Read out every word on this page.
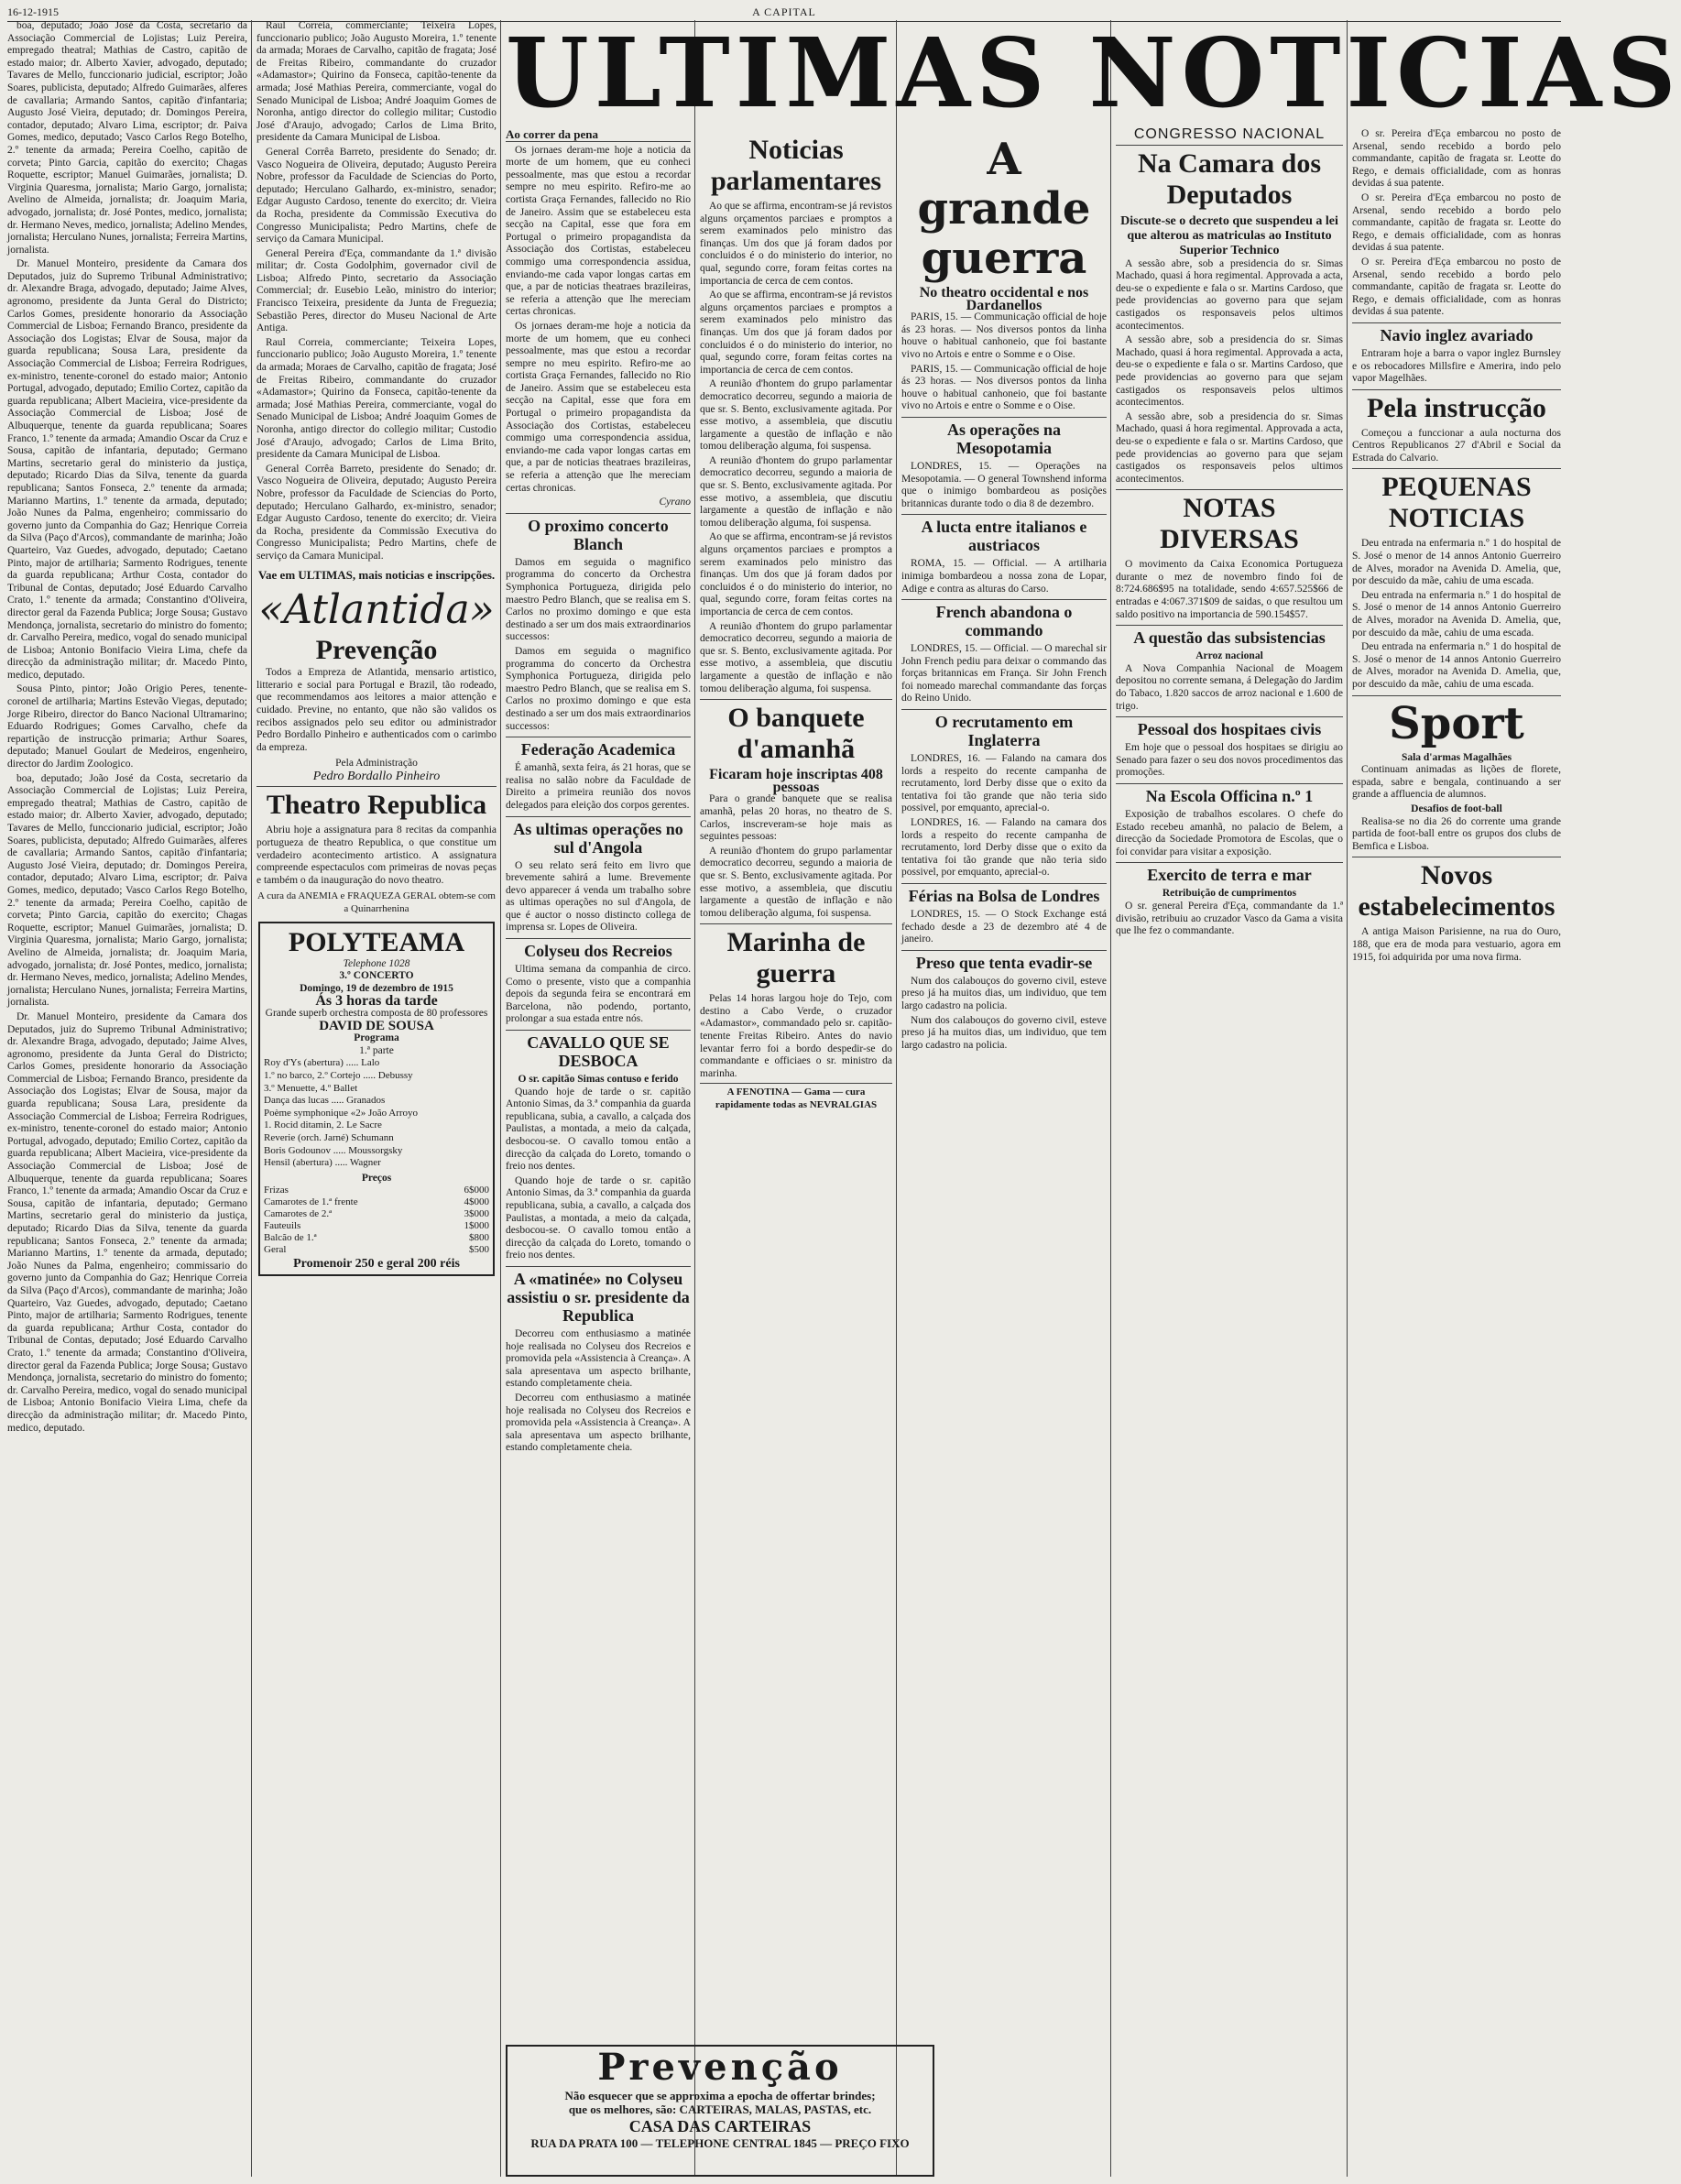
16-12-1915	A CAPITAL

boa, deputado; João José da Costa, secretario da Associação Commercial de Lojistas; Luiz Pereira, empregado theatral; Mathias de Castro, capitão de estado maior; dr. Alberto Xavier, advogado, deputado; Tavares de Mello, funccionario judicial, escriptor; João Soares, publicista, deputado; Alfredo Guimarães, alferes de cavallaria; Armando Santos, capitão d'infantaria; Augusto José Vieira, deputado; dr. Domingos Pereira, contador, deputado; Alvaro Lima, escriptor; dr. Paiva Gomes, medico, deputado; Vasco Carlos Rego Botelho, 2.º tenente da armada; Pereira Coelho, capitão de corveta; Pinto Garcia, capitão do exercito; Chagas Roquette, escriptor; Manuel Guimarães, jornalista; D. Virginia Quaresma, jornalista; Mario Gargo, jornalista; Avelino de Almeida, jornalista; dr. Joaquim Maria, advogado, jornalista; dr. José Pontes, medico, jornalista; dr. Hermano Neves, medico, jornalista; Adelino Mendes, jornalista; Herculano Nunes, jornalista; Ferreira Martins, jornalista.

Dr. Manuel Monteiro, presidente da Camara dos Deputados, juiz do Supremo Tribunal Administrativo; dr. Alexandre Braga, advogado, deputado; Jaime Alves, agronomo, presidente da Junta Geral do Districto; Carlos Gomes, presidente honorario da Associação Commercial de Lisboa; Fernando Branco, presidente da Associação dos Logistas; Elvar de Sousa, major da guarda republicana; Sousa Lara, presidente da Associação Commercial de Lisboa; Ferreira Rodrigues, ex-ministro, tenente-coronel do estado maior; Antonio Portugal, advogado, deputado; Emilio Cortez, capitão da guarda republicana; Albert Macieira, vice-presidente da Associação Commercial de Lisboa; José de Albuquerque, tenente da guarda republicana; Soares Franco, 1.º tenente da armada; Amandio Oscar da Cruz e Sousa, capitão de infantaria, deputado; Germano Martins, secretario geral do ministerio da justiça, deputado; Ricardo Dias da Silva, tenente da guarda republicana; Santos Fonseca, 2.º tenente da armada; Marianno Martins, 1.º tenente da armada, deputado; João Nunes da Palma, engenheiro; commissario do governo junto da Companhia do Gaz; Henrique Correia da Silva (Paço d'Arcos), commandante de marinha; João Quarteiro, Vaz Guedes, advogado, deputado; Caetano Pinto, major de artilharia; Sarmento Rodrigues, tenente da guarda republicana; Arthur Costa, contador do Tribunal de Contas, deputado; José Eduardo Carvalho Crato, 1.º tenente da armada; Constantino d'Oliveira, director geral da Fazenda Publica; Jorge Sousa; Gustavo Mendonça, jornalista, secretario do ministro do fomento; dr. Carvalho Pereira, medico, vogal do senado municipal de Lisboa; Antonio Bonifacio Vieira Lima, chefe da direcção da administração militar; dr. Macedo Pinto, medico, deputado.

Sousa Pinto, pintor; João Origio Peres, tenente-coronel de artilharia; Martins Estevão Viegas, deputado; Jorge Ribeiro, director do Banco Nacional Ultramarino; Eduardo Rodrigues; Gomes Carvalho, chefe da repartição de instrucção primaria; Arthur Soares, deputado; Manuel Goulart de Medeiros, engenheiro, director do Jardim Zoologico.

boa, deputado; João José da Costa, secretario da Associação Commercial de Lojistas; Luiz Pereira, empregado theatral; Mathias de Castro, capitão de estado maior; dr. Alberto Xavier, advogado, deputado; Tavares de Mello, funccionario judicial, escriptor; João Soares, publicista, deputado; Alfredo Guimarães, alferes de cavallaria; Armando Santos, capitão d'infantaria; Augusto José Vieira, deputado; dr. Domingos Pereira, contador, deputado; Alvaro Lima, escriptor; dr. Paiva Gomes, medico, deputado; Vasco Carlos Rego Botelho, 2.º tenente da armada; Pereira Coelho, capitão de corveta; Pinto Garcia, capitão do exercito; Chagas Roquette, escriptor; Manuel Guimarães, jornalista; D. Virginia Quaresma, jornalista; Mario Gargo, jornalista; Avelino de Almeida, jornalista; dr. Joaquim Maria, advogado, jornalista; dr. José Pontes, medico, jornalista; dr. Hermano Neves, medico, jornalista; Adelino Mendes, jornalista; Herculano Nunes, jornalista; Ferreira Martins, jornalista.

Dr. Manuel Monteiro, presidente da Camara dos Deputados, juiz do Supremo Tribunal Administrativo; dr. Alexandre Braga, advogado, deputado; Jaime Alves, agronomo, presidente da Junta Geral do Districto; Carlos Gomes, presidente honorario da Associação Commercial de Lisboa; Fernando Branco, presidente da Associação dos Logistas; Elvar de Sousa, major da guarda republicana; Sousa Lara, presidente da Associação Commercial de Lisboa; Ferreira Rodrigues, ex-ministro, tenente-coronel do estado maior; Antonio Portugal, advogado, deputado; Emilio Cortez, capitão da guarda republicana; Albert Macieira, vice-presidente da Associação Commercial de Lisboa; José de Albuquerque, tenente da guarda republicana; Soares Franco, 1.º tenente da armada; Amandio Oscar da Cruz e Sousa, capitão de infantaria, deputado; Germano Martins, secretario geral do ministerio da justiça, deputado; Ricardo Dias da Silva, tenente da guarda republicana; Santos Fonseca, 2.º tenente da armada; Marianno Martins, 1.º tenente da armada, deputado; João Nunes da Palma, engenheiro; commissario do governo junto da Companhia do Gaz; Henrique Correia da Silva (Paço d'Arcos), commandante de marinha; João Quarteiro, Vaz Guedes, advogado, deputado; Caetano Pinto, major de artilharia; Sarmento Rodrigues, tenente da guarda republicana; Arthur Costa, contador do Tribunal de Contas, deputado; José Eduardo Carvalho Crato, 1.º tenente da armada; Constantino d'Oliveira, director geral da Fazenda Publica; Jorge Sousa; Gustavo Mendonça, jornalista, secretario do ministro do fomento; dr. Carvalho Pereira, medico, vogal do senado municipal de Lisboa; Antonio Bonifacio Vieira Lima, chefe da direcção da administração militar; dr. Macedo Pinto, medico, deputado.

Raul Correia, commerciante; Teixeira Lopes, funccionario publico; João Augusto Moreira, 1.º tenente da armada; Moraes de Carvalho, capitão de fragata; José de Freitas Ribeiro, commandante do cruzador «Adamastor»; Quirino da Fonseca, capitão-tenente da armada; José Mathias Pereira, commerciante, vogal do Senado Municipal de Lisboa; André Joaquim Gomes de Noronha, antigo director do collegio militar; Custodio José d'Araujo, advogado; Carlos de Lima Brito, presidente da Camara Municipal de Lisboa.

General Corrêa Barreto, presidente do Senado; dr. Vasco Nogueira de Oliveira, deputado; Augusto Pereira Nobre, professor da Faculdade de Sciencias do Porto, deputado; Herculano Galhardo, ex-ministro, senador; Edgar Augusto Cardoso, tenente do exercito; dr. Vieira da Rocha, presidente da Commissão Executiva do Congresso Municipalista; Pedro Martins, chefe de serviço da Camara Municipal.

General Pereira d'Eça, commandante da 1.ª divisão militar; dr. Costa Godolphim, governador civil de Lisboa; Alfredo Pinto, secretario da Associação Commercial; dr. Eusebio Leão, ministro do interior; Francisco Teixeira, presidente da Junta de Freguezia; Sebastião Peres, director do Museu Nacional de Arte Antiga.

Raul Correia, commerciante; Teixeira Lopes, funccionario publico; João Augusto Moreira, 1.º tenente da armada; Moraes de Carvalho, capitão de fragata; José de Freitas Ribeiro, commandante do cruzador «Adamastor»; Quirino da Fonseca, capitão-tenente da armada; José Mathias Pereira, commerciante, vogal do Senado Municipal de Lisboa; André Joaquim Gomes de Noronha, antigo director do collegio militar; Custodio José d'Araujo, advogado; Carlos de Lima Brito, presidente da Camara Municipal de Lisboa.

General Corrêa Barreto, presidente do Senado; dr. Vasco Nogueira de Oliveira, deputado; Augusto Pereira Nobre, professor da Faculdade de Sciencias do Porto, deputado; Herculano Galhardo, ex-ministro, senador; Edgar Augusto Cardoso, tenente do exercito; dr. Vieira da Rocha, presidente da Commissão Executiva do Congresso Municipalista; Pedro Martins, chefe de serviço da Camara Municipal.

Vae em ULTIMAS, mais noticias e inscripções.
«Atlantida»
Prevenção

Todos a Empreza de Atlantida, mensario artistico, litterario e social para Portugal e Brazil, tão rodeado, que recommendamos aos leitores a maior attenção e cuidado. Previne, no entanto, que não são validos os recibos assignados pelo seu editor ou administrador Pedro Bordallo Pinheiro e authenticados com o carimbo da empreza.

Pela Administração
Pedro Bordallo Pinheiro
Theatro Republica

Abriu hoje a assignatura para 8 recitas da companhia portugueza de theatro Republica, o que constitue um verdadeiro acontecimento artistico. A assignatura compreende espectaculos com primeiras de novas peças e também o da inauguração do novo theatro.

A cura da ANEMIA e FRAQUEZA GERAL obtem-se com a Quinarrhenina
POLYTEAMA
Telephone 1028
3.º CONCERTO
Domingo, 19 de dezembro de 1915
Ás 3 horas da tarde
Grande superb orchestra composta de 80 professores
DAVID DE SOUSA
Programa
1.ª parte
Roy d'Ys (abertura) ..... Lalo
1.º no barco, 2.º Cortejo ..... Debussy
3.º Menuette, 4.º Ballet
Dança das lucas ..... Granados
Poème symphonique «2» João Arroyo
1. Rocid ditamin, 2. Le Sacre
Reverie (orch. Jarné) Schumann
Boris Godounov ..... Moussorgsky
Hensil (abertura) ..... Wagner
Preços
Frizas	6$000
Camarotes de 1.ª frente	4$000
Camarotes de 2.ª	3$000
Fauteuils	1$000
Balcão de 1.ª	$800
Geral	$500
Promenoir 250 e geral 200 réis
ULTIMAS NOTICIAS
Ao correr da pena

Os jornaes deram-me hoje a noticia da morte de um homem, que eu conheci pessoalmente, mas que estou a recordar sempre no meu espirito. Refiro-me ao cortista Graça Fernandes, fallecido no Rio de Janeiro. Assim que se estabeleceu esta secção na Capital, esse que fora em Portugal o primeiro propagandista da Associação dos Cortistas, estabeleceu commigo uma correspondencia assidua, enviando-me cada vapor longas cartas em que, a par de noticias theatraes brazileiras, se referia a attenção que lhe mereciam certas chronicas.

Os jornaes deram-me hoje a noticia da morte de um homem, que eu conheci pessoalmente, mas que estou a recordar sempre no meu espirito. Refiro-me ao cortista Graça Fernandes, fallecido no Rio de Janeiro. Assim que se estabeleceu esta secção na Capital, esse que fora em Portugal o primeiro propagandista da Associação dos Cortistas, estabeleceu commigo uma correspondencia assidua, enviando-me cada vapor longas cartas em que, a par de noticias theatraes brazileiras, se referia a attenção que lhe mereciam certas chronicas.

Cyrano
O proximo concerto Blanch

Damos em seguida o magnifico programma do concerto da Orchestra Symphonica Portugueza, dirigida pelo maestro Pedro Blanch, que se realisa em S. Carlos no proximo domingo e que esta destinado a ser um dos mais extraordinarios successos:

Damos em seguida o magnifico programma do concerto da Orchestra Symphonica Portugueza, dirigida pelo maestro Pedro Blanch, que se realisa em S. Carlos no proximo domingo e que esta destinado a ser um dos mais extraordinarios successos:

Federação Academica

É amanhã, sexta feira, ás 21 horas, que se realisa no salão nobre da Faculdade de Direito a primeira reunião dos novos delegados para eleição dos corpos gerentes.

As ultimas operações no sul d'Angola

O seu relato será feito em livro que brevemente sahirá a lume. Brevemente devo apparecer á venda um trabalho sobre as ultimas operações no sul d'Angola, de que é auctor o nosso distincto collega de imprensa sr. Lopes de Oliveira.

Colyseu dos Recreios

Ultima semana da companhia de circo. Como o presente, visto que a companhia depois da segunda feira se encontrará em Barcelona, não podendo, portanto, prolongar a sua estada entre nós.

CAVALLO QUE SE DESBOCA
O sr. capitão Simas contuso e ferido

Quando hoje de tarde o sr. capitão Antonio Simas, da 3.ª companhia da guarda republicana, subia, a cavallo, a calçada dos Paulistas, a montada, a meio da calçada, desbocou-se. O cavallo tomou então a direcção da calçada do Loreto, tomando o freio nos dentes.

Quando hoje de tarde o sr. capitão Antonio Simas, da 3.ª companhia da guarda republicana, subia, a cavallo, a calçada dos Paulistas, a montada, a meio da calçada, desbocou-se. O cavallo tomou então a direcção da calçada do Loreto, tomando o freio nos dentes.

A «matinée» no Colyseu assistiu o sr. presidente da Republica

Decorreu com enthusiasmo a matinée hoje realisada no Colyseu dos Recreios e promovida pela «Assistencia à Creança». A sala apresentava um aspecto brilhante, estando completamente cheia.

Decorreu com enthusiasmo a matinée hoje realisada no Colyseu dos Recreios e promovida pela «Assistencia à Creança». A sala apresentava um aspecto brilhante, estando completamente cheia.

Noticias parlamentares

Ao que se affirma, encontram-se já revistos alguns orçamentos parciaes e promptos a serem examinados pelo ministro das finanças. Um dos que já foram dados por concluidos é o do ministerio do interior, no qual, segundo corre, foram feitas cortes na importancia de cerca de cem contos.

Ao que se affirma, encontram-se já revistos alguns orçamentos parciaes e promptos a serem examinados pelo ministro das finanças. Um dos que já foram dados por concluidos é o do ministerio do interior, no qual, segundo corre, foram feitas cortes na importancia de cerca de cem contos.

A reunião d'hontem do grupo parlamentar democratico decorreu, segundo a maioria de que sr. S. Bento, exclusivamente agitada. Por esse motivo, a assembleia, que discutiu largamente a questão de inflação e não tomou deliberação alguma, foi suspensa.

A reunião d'hontem do grupo parlamentar democratico decorreu, segundo a maioria de que sr. S. Bento, exclusivamente agitada. Por esse motivo, a assembleia, que discutiu largamente a questão de inflação e não tomou deliberação alguma, foi suspensa.

Ao que se affirma, encontram-se já revistos alguns orçamentos parciaes e promptos a serem examinados pelo ministro das finanças. Um dos que já foram dados por concluidos é o do ministerio do interior, no qual, segundo corre, foram feitas cortes na importancia de cerca de cem contos.

A reunião d'hontem do grupo parlamentar democratico decorreu, segundo a maioria de que sr. S. Bento, exclusivamente agitada. Por esse motivo, a assembleia, que discutiu largamente a questão de inflação e não tomou deliberação alguma, foi suspensa.

O banquete d'amanhã
Ficaram hoje inscriptas 408 pessoas

Para o grande banquete que se realisa amanhã, pelas 20 horas, no theatro de S. Carlos, inscreveram-se hoje mais as seguintes pessoas:

A reunião d'hontem do grupo parlamentar democratico decorreu, segundo a maioria de que sr. S. Bento, exclusivamente agitada. Por esse motivo, a assembleia, que discutiu largamente a questão de inflação e não tomou deliberação alguma, foi suspensa.

Marinha de guerra

Pelas 14 horas largou hoje do Tejo, com destino a Cabo Verde, o cruzador «Adamastor», commandado pelo sr. capitão-tenente Freitas Ribeiro. Antes do navio levantar ferro foi a bordo despedir-se do commandante e officiaes o sr. ministro da marinha.

A FENOTINA — Gama — cura rapidamente todas as NEVRALGIAS
A grande guerra
No theatro occidental e nos Dardanellos

PARIS, 15. — Communicação official de hoje ás 23 horas. — Nos diversos pontos da linha houve o habitual canhoneio, que foi bastante vivo no Artois e entre o Somme e o Oise.

PARIS, 15. — Communicação official de hoje ás 23 horas. — Nos diversos pontos da linha houve o habitual canhoneio, que foi bastante vivo no Artois e entre o Somme e o Oise.

As operações na Mesopotamia

LONDRES, 15. — Operações na Mesopotamia. — O general Townshend informa que o inimigo bombardeou as posições britannicas durante todo o dia 8 de dezembro.

A lucta entre italianos e austriacos

ROMA, 15. — Official. — A artilharia inimiga bombardeou a nossa zona de Lopar, Adige e contra as alturas do Carso.

French abandona o commando

LONDRES, 15. — Official. — O marechal sir John French pediu para deixar o commando das forças britannicas em França. Sir John French foi nomeado marechal commandante das forças do Reino Unido.

O recrutamento em Inglaterra

LONDRES, 16. — Falando na camara dos lords a respeito do recente campanha de recrutamento, lord Derby disse que o exito da tentativa foi tão grande que não teria sido possivel, por emquanto, aprecial-o.

LONDRES, 16. — Falando na camara dos lords a respeito do recente campanha de recrutamento, lord Derby disse que o exito da tentativa foi tão grande que não teria sido possivel, por emquanto, aprecial-o.

Férias na Bolsa de Londres

LONDRES, 15. — O Stock Exchange está fechado desde a 23 de dezembro até 4 de janeiro.

Preso que tenta evadir-se

Num dos calabouços do governo civil, esteve preso já ha muitos dias, um individuo, que tem largo cadastro na policia.

Num dos calabouços do governo civil, esteve preso já ha muitos dias, um individuo, que tem largo cadastro na policia.

CONGRESSO NACIONAL
Na Camara dos Deputados
Discute-se o decreto que suspendeu a lei que alterou as matriculas ao Instituto Superior Technico

A sessão abre, sob a presidencia do sr. Simas Machado, quasi á hora regimental. Approvada a acta, deu-se o expediente e fala o sr. Martins Cardoso, que pede providencias ao governo para que sejam castigados os responsaveis pelos ultimos acontecimentos.

A sessão abre, sob a presidencia do sr. Simas Machado, quasi á hora regimental. Approvada a acta, deu-se o expediente e fala o sr. Martins Cardoso, que pede providencias ao governo para que sejam castigados os responsaveis pelos ultimos acontecimentos.

A sessão abre, sob a presidencia do sr. Simas Machado, quasi á hora regimental. Approvada a acta, deu-se o expediente e fala o sr. Martins Cardoso, que pede providencias ao governo para que sejam castigados os responsaveis pelos ultimos acontecimentos.

NOTAS DIVERSAS

O movimento da Caixa Economica Portugueza durante o mez de novembro findo foi de 8:724.686$95 na totalidade, sendo 4:657.525$66 de entradas e 4:067.371$09 de saidas, o que resultou um saldo positivo na importancia de 590.154$57.

A questão das subsistencias
Arroz nacional

A Nova Companhia Nacional de Moagem depositou no corrente semana, á Delegação do Jardim do Tabaco, 1.820 saccos de arroz nacional e 1.600 de trigo.

Pessoal dos hospitaes civis

Em hoje que o pessoal dos hospitaes se dirigiu ao Senado para fazer o seu dos novos procedimentos das promoções.

Na Escola Officina n.º 1

Exposição de trabalhos escolares. O chefe do Estado recebeu amanhã, no palacio de Belem, a direcção da Sociedade Promotora de Escolas, que o foi convidar para visitar a exposição.

Exercito de terra e mar
Retribuição de cumprimentos

O sr. general Pereira d'Eça, commandante da 1.ª divisão, retribuiu ao cruzador Vasco da Gama a visita que lhe fez o commandante.

O sr. Pereira d'Eça embarcou no posto de Arsenal, sendo recebido a bordo pelo commandante, capitão de fragata sr. Leotte do Rego, e demais officialidade, com as honras devidas á sua patente.

O sr. Pereira d'Eça embarcou no posto de Arsenal, sendo recebido a bordo pelo commandante, capitão de fragata sr. Leotte do Rego, e demais officialidade, com as honras devidas á sua patente.

O sr. Pereira d'Eça embarcou no posto de Arsenal, sendo recebido a bordo pelo commandante, capitão de fragata sr. Leotte do Rego, e demais officialidade, com as honras devidas á sua patente.

Navio inglez avariado

Entraram hoje a barra o vapor inglez Burnsley e os rebocadores Millsfire e Amerira, indo pelo vapor Magelhães.

Pela instrucção

Começou a funccionar a aula nocturna dos Centros Republicanos 27 d'Abril e Social da Estrada do Calvario.

PEQUENAS NOTICIAS

Deu entrada na enfermaria n.º 1 do hospital de S. José o menor de 14 annos Antonio Guerreiro de Alves, morador na Avenida D. Amelia, que, por descuido da mãe, cahiu de uma escada.

Deu entrada na enfermaria n.º 1 do hospital de S. José o menor de 14 annos Antonio Guerreiro de Alves, morador na Avenida D. Amelia, que, por descuido da mãe, cahiu de uma escada.

Deu entrada na enfermaria n.º 1 do hospital de S. José o menor de 14 annos Antonio Guerreiro de Alves, morador na Avenida D. Amelia, que, por descuido da mãe, cahiu de uma escada.

Sport
Sala d'armas Magalhães

Continuam animadas as lições de florete, espada, sabre e bengala, continuando a ser grande a affluencia de alumnos.

Desafios de foot-ball

Realisa-se no dia 26 do corrente uma grande partida de foot-ball entre os grupos dos clubs de Bemfica e Lisboa.

Novos estabelecimentos

A antiga Maison Parisienne, na rua do Ouro, 188, que era de moda para vestuario, agora em 1915, foi adquirida por uma nova firma.

Prevenção
Não esquecer que se approxima a epocha de offertar brindes;
que os melhores, são: CARTEIRAS, MALAS, PASTAS, etc.
CASA DAS CARTEIRAS
RUA DA PRATA 100 — TELEPHONE CENTRAL 1845 — PREÇO FIXO
